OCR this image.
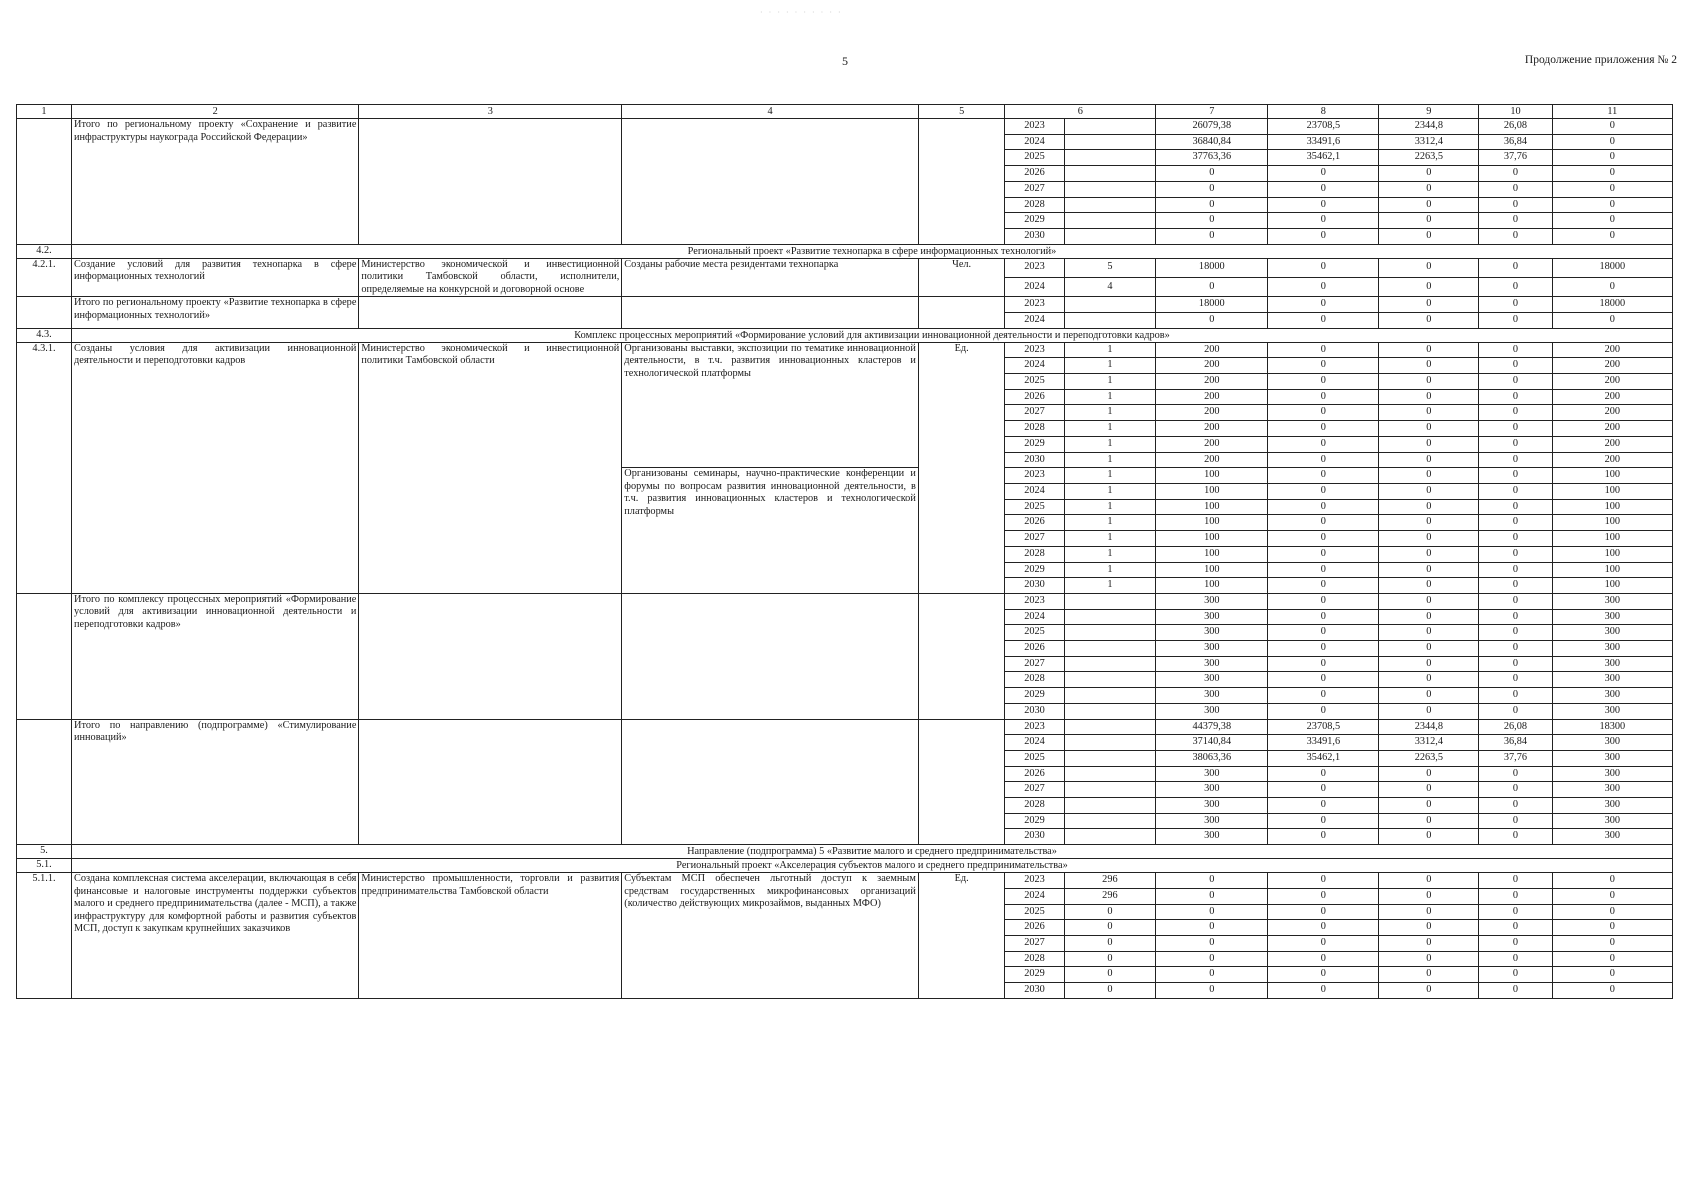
· · · · · · · · · ·
5	Продолжение приложения № 2
1	2	3	4	5	6		7	8	9	10	11
	Итого по региональному проекту «Сохранение и развитие инфраструктуры наукограда Российской Федерации»				2023		26079,38	23708,5	2344,8	26,08	0
					2024		36840,84	33491,6	3312,4	36,84	0
					2025		37763,36	35462,1	2263,5	37,76	0
					2026		0	0	0	0	0
					2027		0	0	0	0	0
					2028		0	0	0	0	0
					2029		0	0	0	0	0
					2030		0	0	0	0	0
4.2.	Региональный проект «Развитие технопарка в сфере информационных технологий»										
4.2.1.	Создание условий для развития технопарка в сфере информационных технологий	Министерство экономической и инвестиционной политики Тамбовской области, исполнители, определяемые на конкурсной и договорной основе	Созданы рабочие места резидентами технопарка	Чел.	2023	5	18000	0	0	0	18000
					2024	4	0	0	0	0	0
	Итого по региональному проекту «Развитие технопарка в сфере информационных технологий»				2023		18000	0	0	0	18000
					2024		0	0	0	0	0
4.3.	Комплекс процессных мероприятий «Формирование условий для активизации инновационной деятельности и переподготовки кадров»										
4.3.1.	Созданы условия для активизации инновационной деятельности и переподготовки кадров	Министерство экономической и инвестиционной политики Тамбовской области	Организованы выставки, экспозиции по тематике инновационной деятельности, в т.ч. развития инновационных кластеров и технологической платформы	Ед.	2023	1	200	0	0	0	200
					2024	1	200	0	0	0	200
					2025	1	200	0	0	0	200
					2026	1	200	0	0	0	200
					2027	1	200	0	0	0	200
					2028	1	200	0	0	0	200
					2029	1	200	0	0	0	200
					2030	1	200	0	0	0	200
			Организованы семинары, научно-практические конференции и форумы по вопросам развития инновационной деятельности, в т.ч. развития инновационных кластеров и технологической платформы		2023	1	100	0	0	0	100
					2024	1	100	0	0	0	100
					2025	1	100	0	0	0	100
					2026	1	100	0	0	0	100
					2027	1	100	0	0	0	100
					2028	1	100	0	0	0	100
					2029	1	100	0	0	0	100
					2030	1	100	0	0	0	100
	Итого по комплексу процессных мероприятий «Формирование условий для активизации инновационной деятельности и переподготовки кадров»				2023		300	0	0	0	300
					2024		300	0	0	0	300
					2025		300	0	0	0	300
					2026		300	0	0	0	300
					2027		300	0	0	0	300
					2028		300	0	0	0	300
					2029		300	0	0	0	300
					2030		300	0	0	0	300
	Итого по направлению (подпрограмме) «Стимулирование инноваций»				2023		44379,38	23708,5	2344,8	26,08	18300
					2024		37140,84	33491,6	3312,4	36,84	300
					2025		38063,36	35462,1	2263,5	37,76	300
					2026		300	0	0	0	300
					2027		300	0	0	0	300
					2028		300	0	0	0	300
					2029		300	0	0	0	300
					2030		300	0	0	0	300
5.	Направление (подпрограмма) 5 «Развитие малого и среднего предпринимательства»										
5.1.	Региональный проект «Акселерация субъектов малого и среднего предпринимательства»										
5.1.1.	Создана комплексная система акселерации, включающая в себя финансовые и налоговые инструменты поддержки субъектов малого и среднего предпринимательства (далее - МСП), а также инфраструктуру для комфортной работы и развития субъектов МСП, доступ к закупкам крупнейших заказчиков	Министерство промышленности, торговли и развития предпринимательства Тамбовской области	Субъектам МСП обеспечен льготный доступ к заемным средствам государственных микрофинансовых организаций (количество действующих микрозаймов, выданных МФО)	Ед.	2023	296	0	0	0	0	0
					2024	296	0	0	0	0	0
					2025	0	0	0	0	0	0
					2026	0	0	0	0	0	0
					2027	0	0	0	0	0	0
					2028	0	0	0	0	0	0
					2029	0	0	0	0	0	0
					2030	0	0	0	0	0	0
